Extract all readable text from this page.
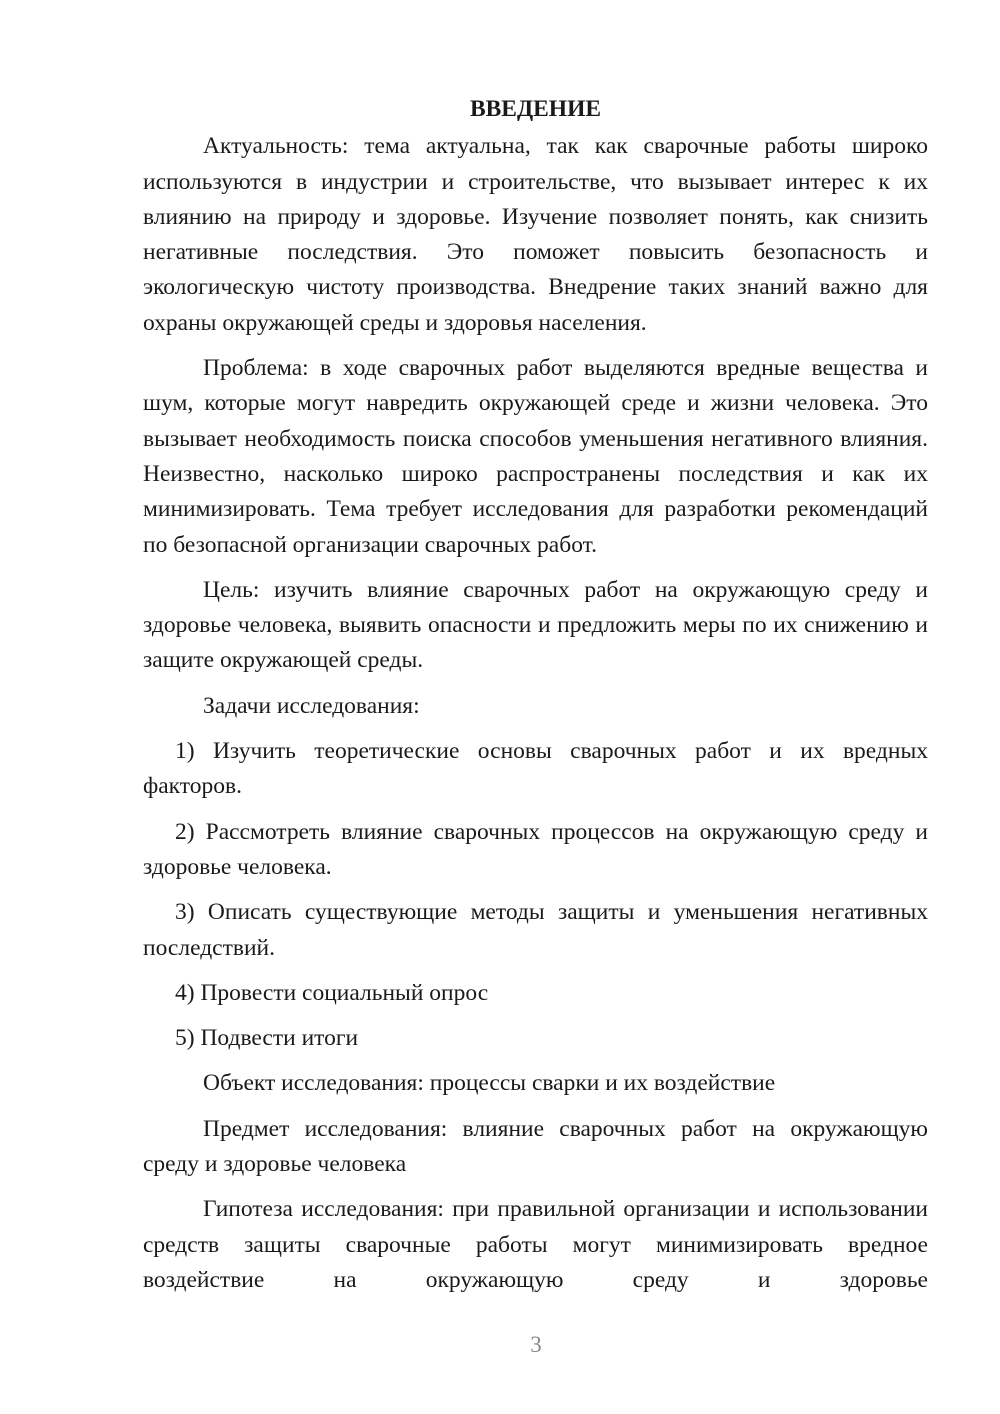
ВВЕДЕНИЕ

Актуальность: тема актуальна, так как сварочные работы широко используются в индустрии и строительстве, что вызывает интерес к их влиянию на природу и здоровье. Изучение позволяет понять, как снизить негативные последствия. Это поможет повысить безопасность и экологическую чистоту производства. Внедрение таких знаний важно для охраны окружающей среды и здоровья населения.

Проблема: в ходе сварочных работ выделяются вредные вещества и шум, которые могут навредить окружающей среде и жизни человека. Это вызывает необходимость поиска способов уменьшения негативного влияния. Неизвестно, насколько широко распространены последствия и как их минимизировать. Тема требует исследования для разработки рекомендаций по безопасной организации сварочных работ.

Цель: изучить влияние сварочных работ на окружающую среду и здоровье человека, выявить опасности и предложить меры по их снижению и защите окружающей среды.

Задачи исследования:

1) Изучить теоретические основы сварочных работ и их вредных факторов.

2) Рассмотреть влияние сварочных процессов на окружающую среду и здоровье человека.

3) Описать существующие методы защиты и уменьшения негативных последствий.

4) Провести социальный опрос

5) Подвести итоги

Объект исследования: процессы сварки и их воздействие

Предмет исследования: влияние сварочных работ на окружающую среду и здоровье человека

Гипотеза исследования: при правильной организации и использовании средств защиты сварочные работы могут минимизировать вредное воздействие на окружающую среду и здоровье

3
